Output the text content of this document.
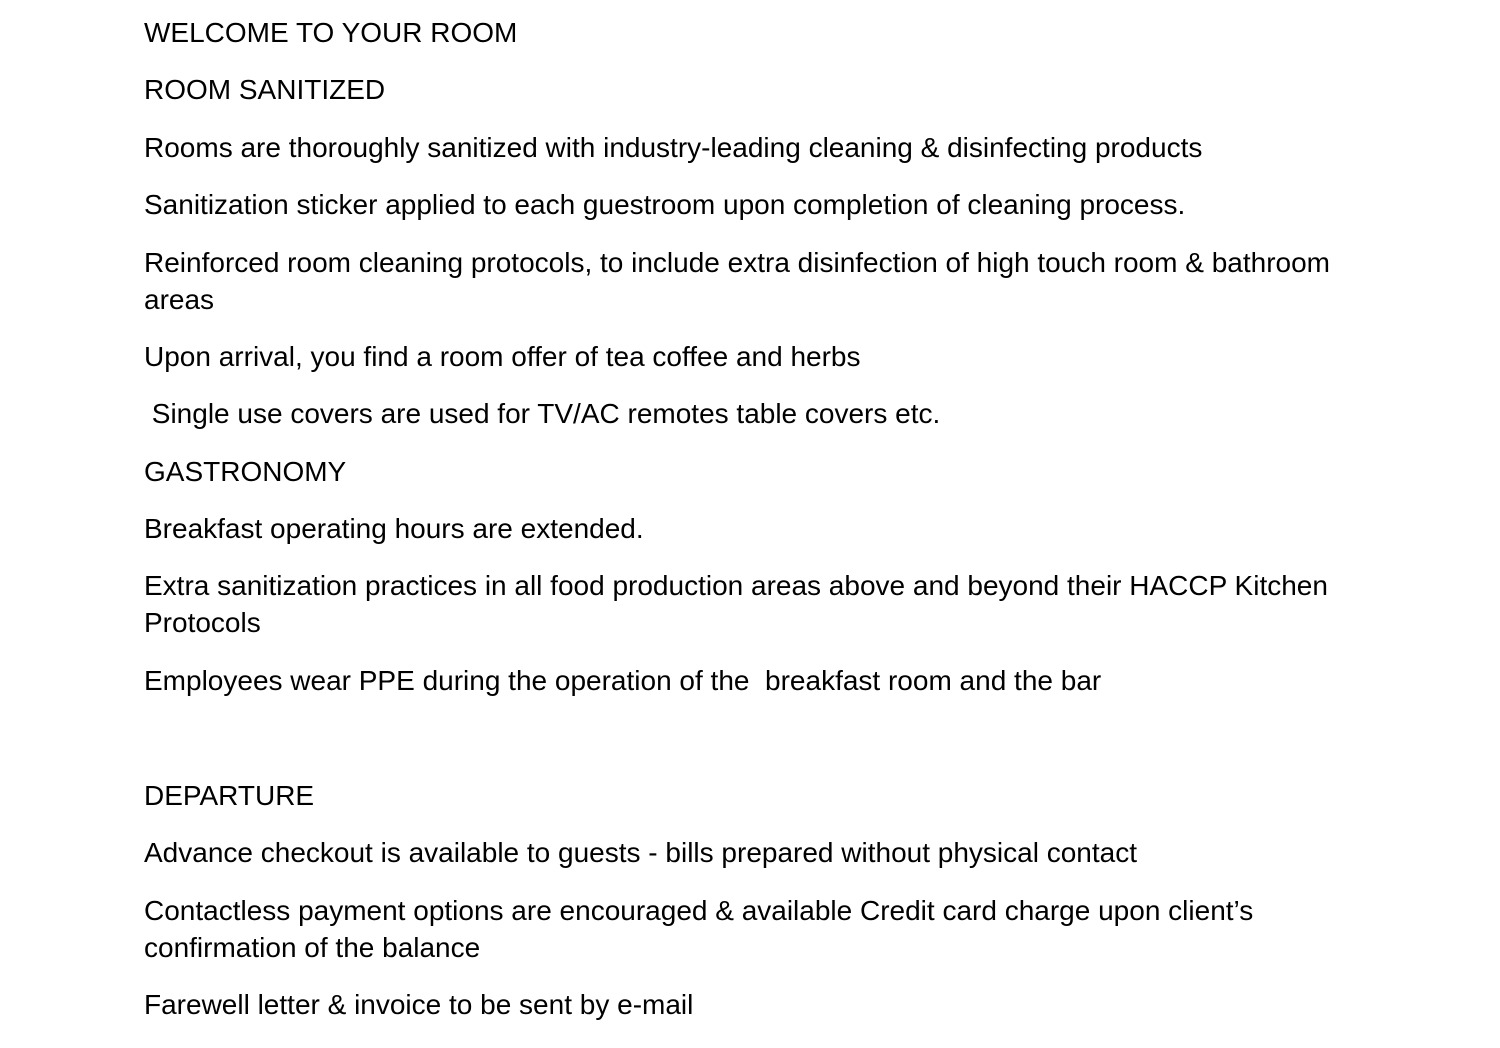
WELCOME TO YOUR ROOM
ROOM SANITIZED
Rooms are thoroughly sanitized with industry-leading cleaning & disinfecting products
Sanitization sticker applied to each guestroom upon completion of cleaning process.
Reinforced room cleaning protocols, to include extra disinfection of high touch room & bathroom areas
Upon arrival, you find a room offer of tea coffee and herbs
Single use covers are used for TV/AC remotes table covers etc.
GASTRONOMY
Breakfast operating hours are extended.
Extra sanitization practices in all food production areas above and beyond their HACCP Kitchen Protocols
Employees wear PPE during the operation of the  breakfast room and the bar
DEPARTURE
Advance checkout is available to guests - bills prepared without physical contact
Contactless payment options are encouraged & available Credit card charge upon client’s confirmation of the balance
Farewell letter & invoice to be sent by e-mail
